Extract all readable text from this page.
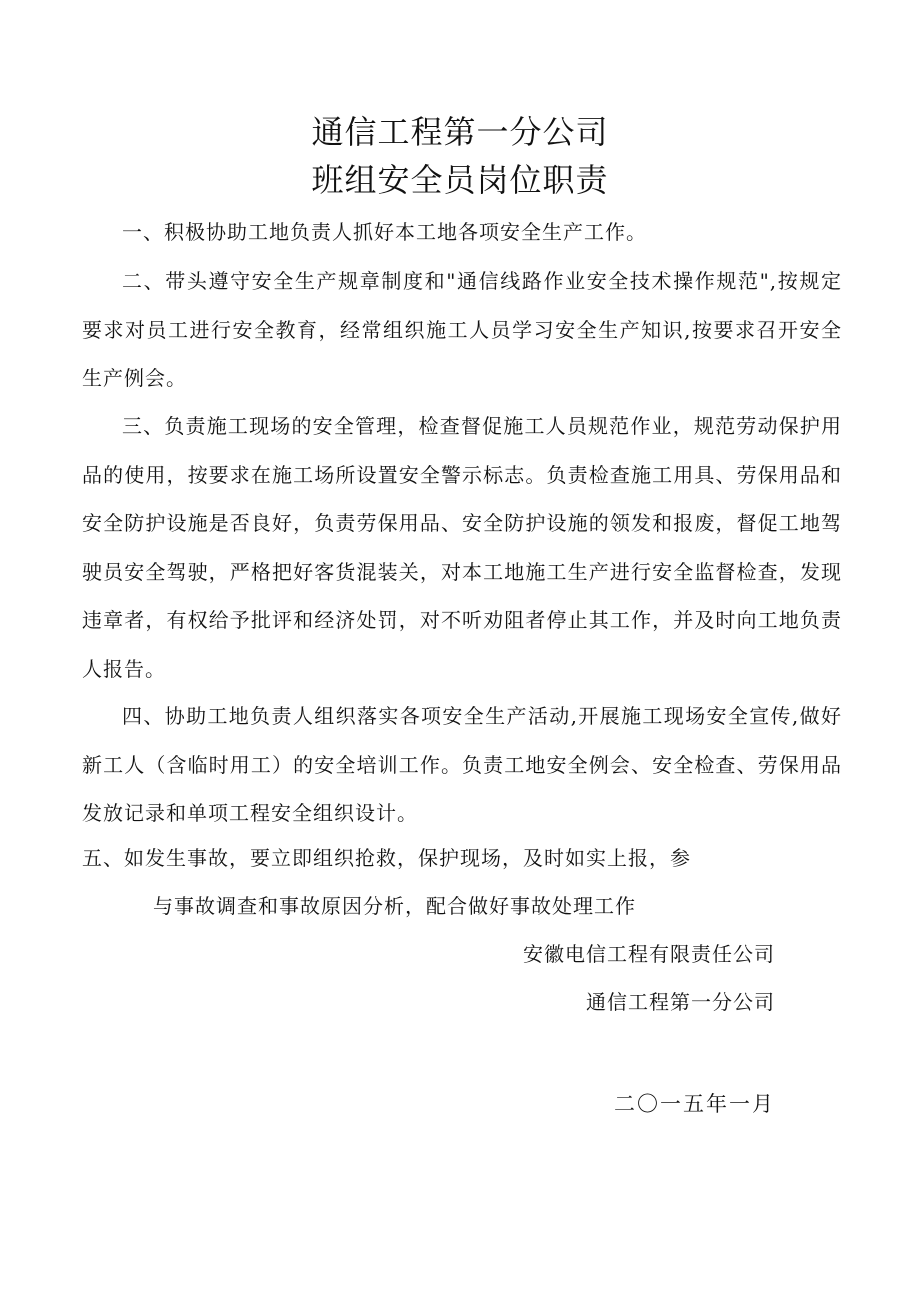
通信工程第一分公司
班组安全员岗位职责

一、积极协助工地负责人抓好本工地各项安全生产工作。

二、带头遵守安全生产规章制度和"通信线路作业安全技术操作规范",按规定要求对员工进行安全教育，经常组织施工人员学习安全生产知识,按要求召开安全生产例会。

三、负责施工现场的安全管理，检查督促施工人员规范作业，规范劳动保护用品的使用，按要求在施工场所设置安全警示标志。负责检查施工用具、劳保用品和安全防护设施是否良好，负责劳保用品、安全防护设施的领发和报废，督促工地驾驶员安全驾驶，严格把好客货混装关，对本工地施工生产进行安全监督检查，发现违章者，有权给予批评和经济处罚，对不听劝阻者停止其工作，并及时向工地负责人报告。

四、协助工地负责人组织落实各项安全生产活动,开展施工现场安全宣传,做好新工人（含临时用工）的安全培训工作。负责工地安全例会、安全检查、劳保用品发放记录和单项工程安全组织设计。

五、如发生事故，要立即组织抢救，保护现场，及时如实上报，参
与事故调查和事故原因分析，配合做好事故处理工作
安徽电信工程有限责任公司
通信工程第一分公司
二〇一五年一月
